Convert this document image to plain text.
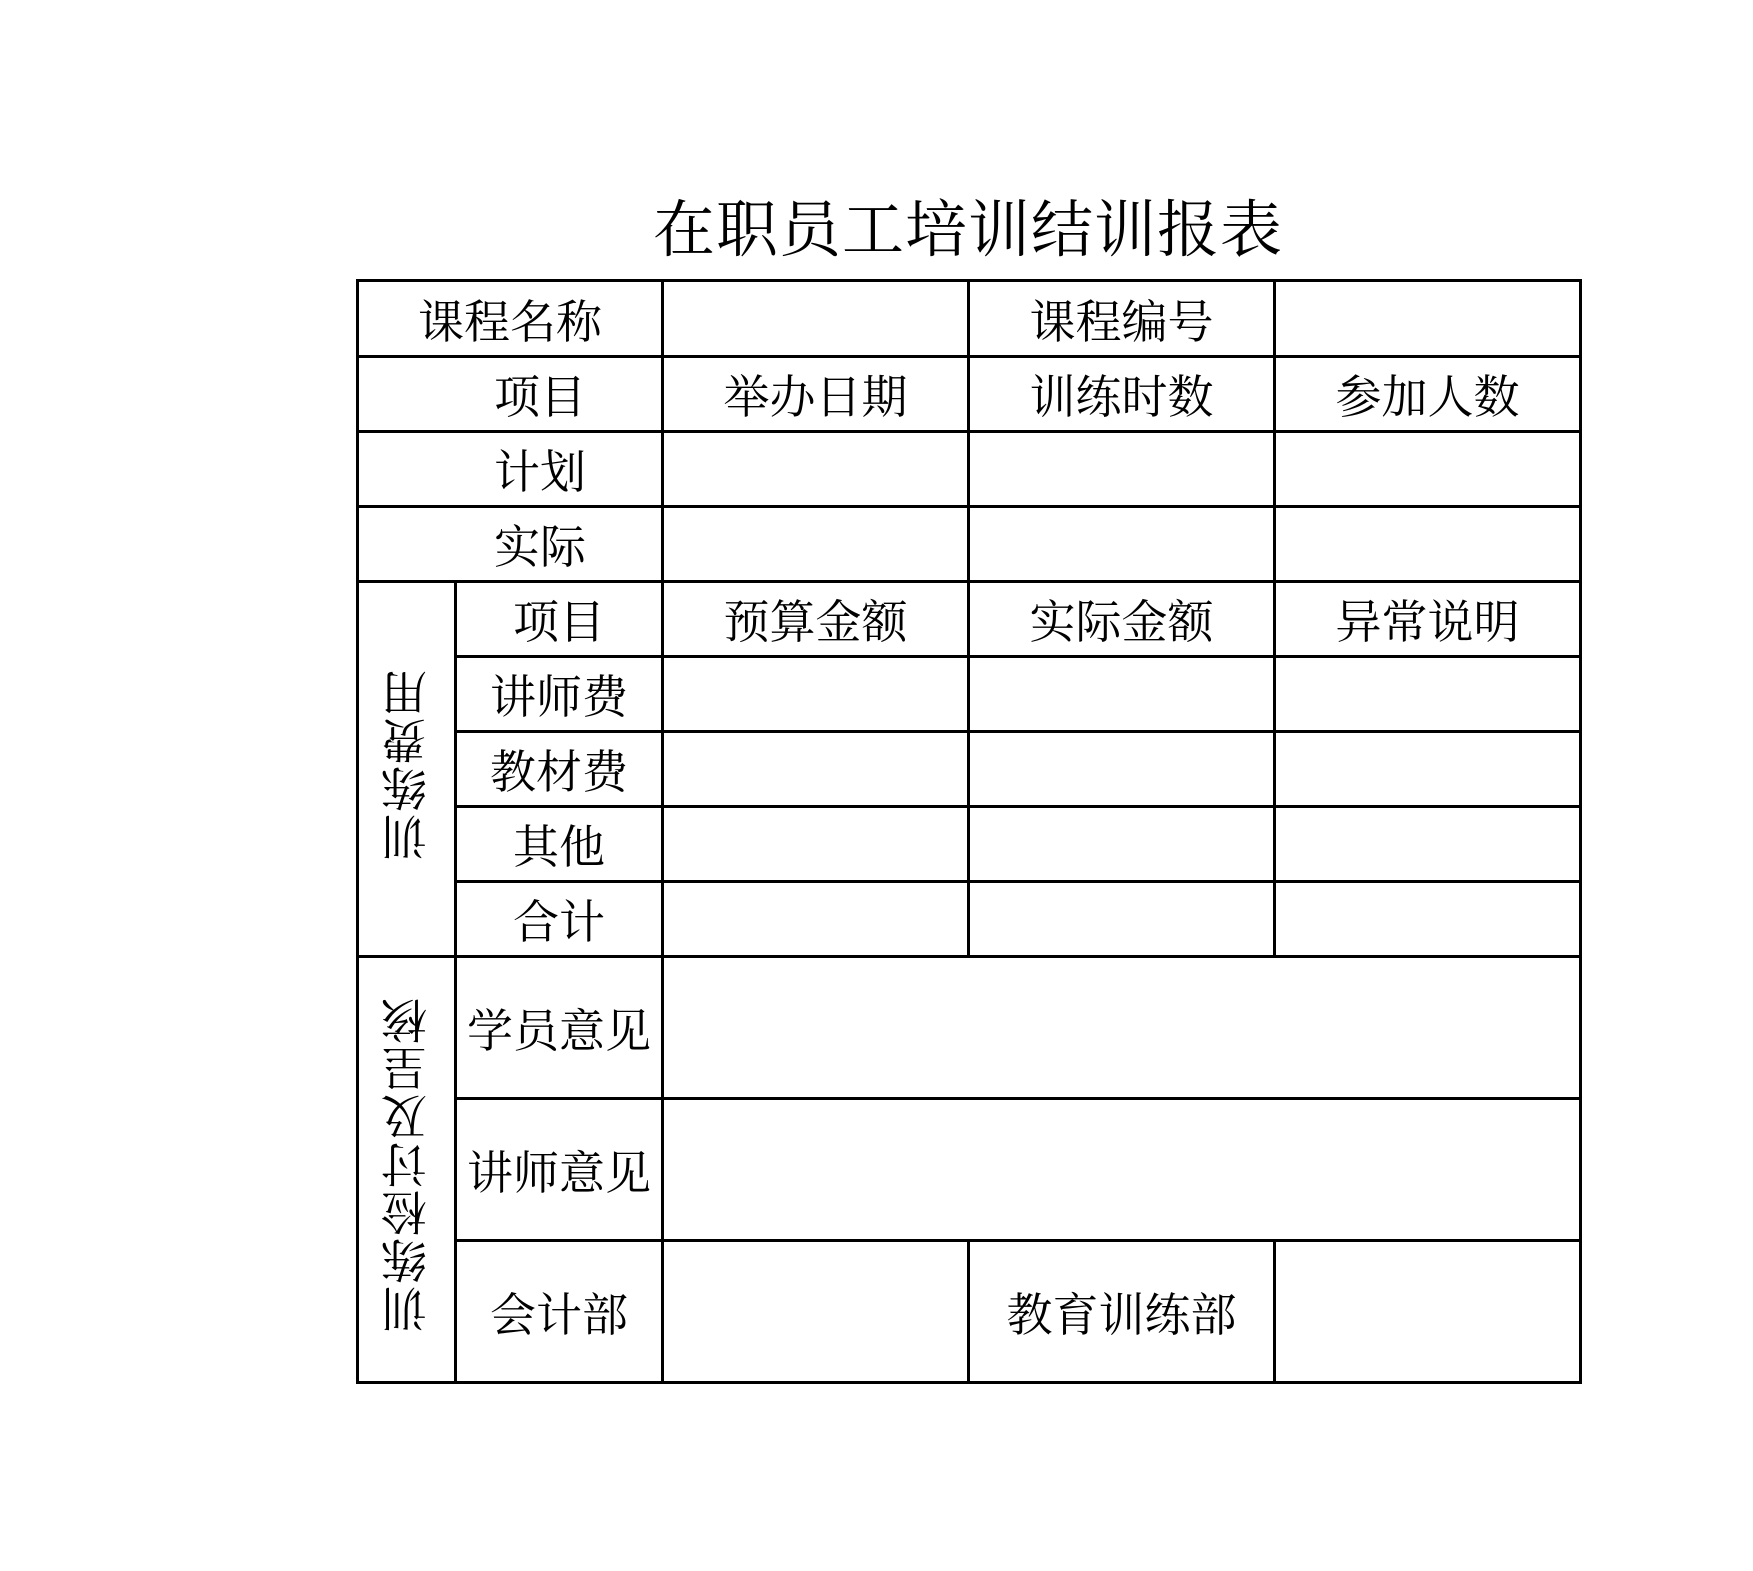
在职员工培训结训报表
课程名称			课程编号	
项目		举办日期	训练时数	参加人数
计划				
实际				
训练费用	项目	预算金额	实际金额	异常说明
	讲师费			
	教材费			
	其他			
	合计			
训练检讨及呈核	学员意见			
	讲师意见			
	会计部		教育训练部	
